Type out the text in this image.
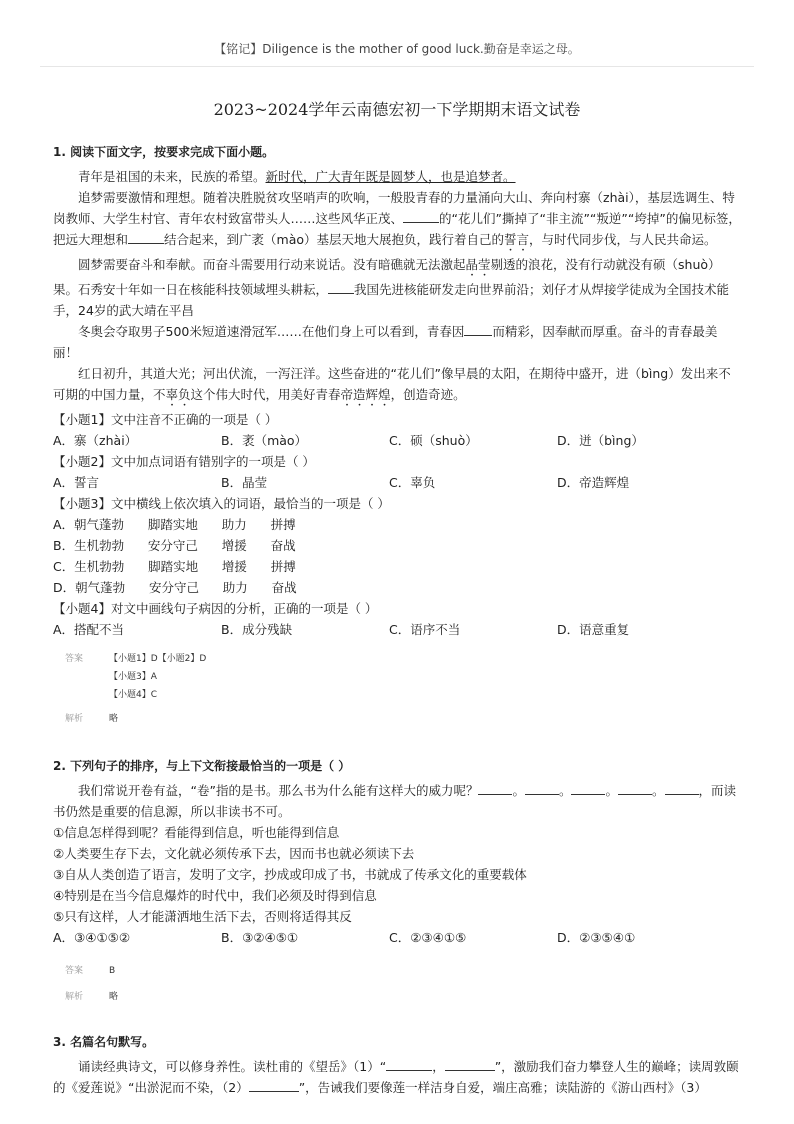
【铭记】Diligence is the mother of good luck.勤奋是幸运之母。
2023~2024学年云南德宏初一下学期期末语文试卷
1. 阅读下面文字，按要求完成下面小题。

青年是祖国的未来，民族的希望。新时代，广大青年既是圆梦人，也是追梦者。

追梦需要激情和理想。随着决胜脱贫攻坚哨声的吹响，一般股青春的力量涌向大山、奔向村寨（zhài），基层选调生、特岗教师、大学生村官、青年农村致富带头人……这些风华正茂、	的“花儿们”撕掉了“非主流”“叛逆”“垮掉”的偏见标签，把远大理想和	结合起来，到广袤（mào）基层天地大展抱负，践行着自己的誓言，与时代同步伐，与人民共命运。

圆梦需要奋斗和奉献。而奋斗需要用行动来说话。没有暗礁就无法激起晶莹剔透的浪花，没有行动就没有硕（shuò）果。石秀安十年如一日在核能科技领域埋头耕耘， 我国先进核能研发走向世界前沿；刘仔才从焊接学徒成为全国技术能手，24岁的武大靖在平昌

冬奥会夺取男子500米短道速滑冠军……在他们身上可以看到，青春因 而精彩，因奉献而厚重。奋斗的青春最美丽！

红日初升，其道大光；河出伏流，一泻汪洋。这些奋进的“花儿们”像早晨的太阳，在期待中盛开，进（bìng）发出来不可期的中国力量，不辜负这个伟大时代，用美好青春帝造辉煌，创造奇迹。

【小题1】文中注音不正确的一项是（ ）

A．寨（zhài）	B．袤（mào）	C．硕（shuò）	D．迸（bìng）

【小题2】文中加点词语有错别字的一项是（ ）

A．誓言	B．晶莹	C．辜负	D．帝造辉煌

【小题3】文中横线上依次填入的词语，最恰当的一项是（ ）

A．朝气蓬勃      脚踏实地      助力      拼搏
B．生机勃勃      安分守己      增援      奋战
C．生机勃勃      脚踏实地      增援      拼搏
D．朝气蓬勃      安分守己      助力      奋战

【小题4】对文中画线句子病因的分析，正确的一项是（ ）

A．搭配不当	B．成分残缺	C．语序不当	D．语意重复
答案	【小题1】D【小题2】D
【小题3】A
【小题4】C
解析	略
2. 下列句子的排序，与上下文衔接最恰当的一项是（ ）

我们常说开卷有益，“卷”指的是书。那么书为什么能有这样大的威力呢？	。	。	。	。	，而读书仍然是重要的信息源，所以非读书不可。

①信息怎样得到呢？看能得到信息，听也能得到信息

②人类要生存下去，文化就必须传承下去，因而书也就必须读下去

③自从人类创造了语言，发明了文字，抄成或印成了书，书就成了传承文化的重要载体

④特别是在当今信息爆炸的时代中，我们必须及时得到信息

⑤只有这样，人才能潇洒地生活下去，否则将适得其反

A．③④①⑤②	B．③②④⑤①	C．②③④①⑤	D．②③⑤④①
答案	B
解析	略
3. 名篇名句默写。

诵读经典诗文，可以修身养性。读杜甫的《望岳》（1）“	，	”，激励我们奋力攀登人生的巅峰；读周敦颐

的《爱莲说》“出淤泥而不染，（2）	”，告诫我们要像莲一样洁身自爱，端庄高雅；读陆游的《游山西村》（3）
